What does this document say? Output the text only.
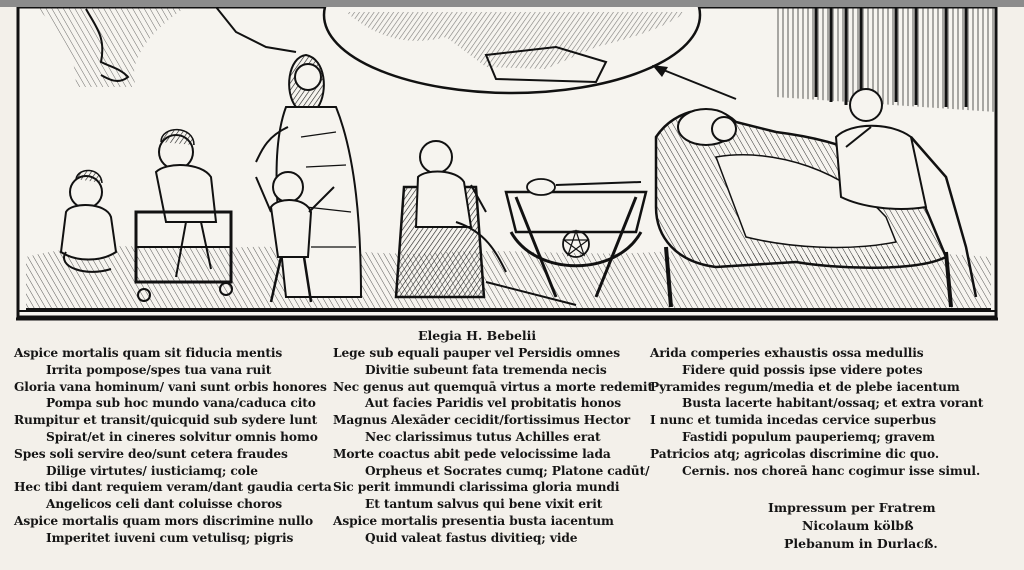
Elegia H. Bebelii
Aspice mortalis quam sit fiducia mentis
Irrita pompose/spes tua vana ruit
Gloria vana hominum/ vani sunt orbis honores
Pompa sub hoc mundo vana/caduca cito
Rumpitur et transit/quicquid sub sydere lunt
Spirat/et in cineres solvitur omnis homo
Spes soli servire deo/sunt cetera fraudes
Dilige virtutes/ iusticiamq; cole
Hec tibi dant requiem veram/dant gaudia certa
Angelicos celi dant coluisse choros
Aspice mortalis quam mors discrimine nullo
Imperitet iuveni cum vetulisq; pigris
Lege sub equali pauper vel Persidis omnes
Divitie subeunt fata tremenda necis
Nec genus aut quemquā virtus a morte redemit
Aut facies Paridis vel probitatis honos
Magnus Alexāder cecidit/fortissimus Hector
Nec clarissimus tutus Achilles erat
Morte coactus abit pede velocissime lada
Orpheus et Socrates cumq; Platone cadūt/
Sic perit immundi clarissima gloria mundi
Et tantum salvus qui bene vixit erit
Aspice mortalis presentia busta iacentum
Quid valeat fastus divitieq; vide
Arida comperies exhaustis ossa medullis
Fidere quid possis ipse videre potes
Pyramides regum/media et de plebe iacentum
Busta lacerte habitant/ossaq; et extra vorant
I nunc et tumida incedas cervice superbus
Fastidi populum pauperiemq; gravem
Patricios atq; agricolas discrimine dic quo.
Cernis. nos choreā hanc cogimur isse simul.
Impressum per Fratrem
Nicolaum kölbß
Plebanum in Durlacß.
